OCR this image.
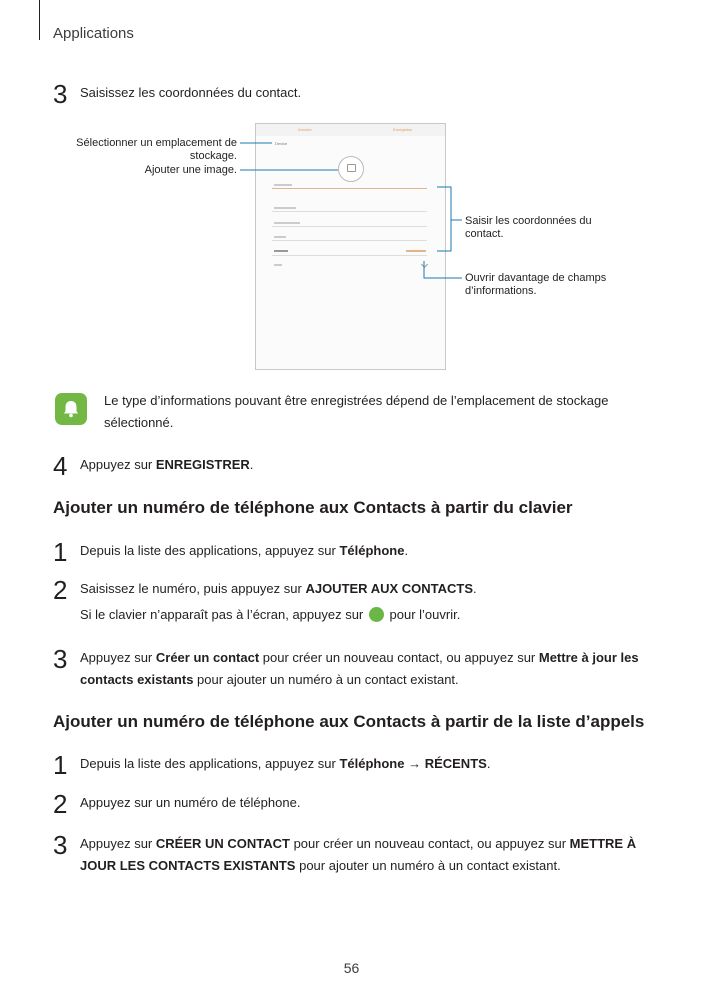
Applications
3 Saisissez les coordonnées du contact.
Sélectionner un emplacement de stockage.
Ajouter une image.
Saisir les coordonnées du contact.
Ouvrir davantage de champs d’informations.
Annuler	Enregistrer
Device
Le type d’informations pouvant être enregistrées dépend de l’emplacement de stockage sélectionné.
4 Appuyez sur ENREGISTRER.
Ajouter un numéro de téléphone aux Contacts à partir du clavier
1 Depuis la liste des applications, appuyez sur Téléphone.
2 Saisissez le numéro, puis appuyez sur AJOUTER AUX CONTACTS.
Si le clavier n’apparaît pas à l’écran, appuyez sur  pour l’ouvrir.
3 Appuyez sur Créer un contact pour créer un nouveau contact, ou appuyez sur Mettre à jour les contacts existants pour ajouter un numéro à un contact existant.
Ajouter un numéro de téléphone aux Contacts à partir de la liste d’appels
1 Depuis la liste des applications, appuyez sur Téléphone → RÉCENTS.
2 Appuyez sur un numéro de téléphone.
3 Appuyez sur CRÉER UN CONTACT pour créer un nouveau contact, ou appuyez sur METTRE À JOUR LES CONTACTS EXISTANTS pour ajouter un numéro à un contact existant.
56
